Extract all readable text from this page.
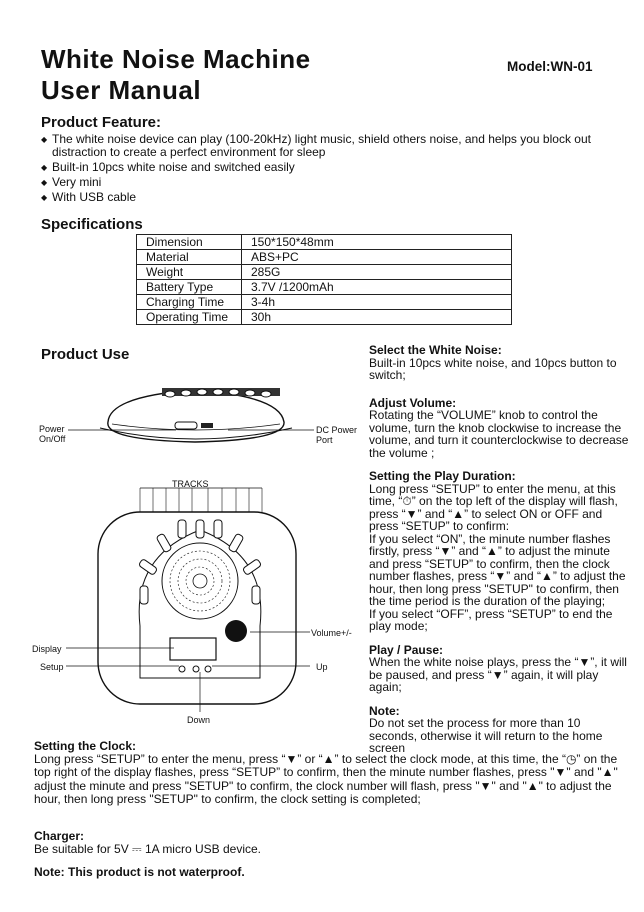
White Noise Machine
User Manual
Model:WN-01
Product Feature:
◆ The white noise device can play (100-20kHz) light music, shield others noise, and helps you block out distraction to create a perfect environment for sleep
◆ Built-in 10pcs white noise and switched easily
◆ Very mini
◆ With USB cable
Specifications
Dimension	150*150*48mm
Material	ABS+PC
Weight	285G
Battery Type	3.7V /1200mAh
Charging Time	3-4h
Operating Time	30h
Product Use
Power
On/Off
DC Power
Port
TRACKS
Display
Setup
Volume+/-
Up
Down
Select the White Noise:

Built-in 10pcs white noise, and 10pcs button to switch;

Adjust Volume:

Rotating the “VOLUME” knob to control the volume, turn the knob clockwise to increase the volume, and turn it counterclockwise to decrease the volume ;

Setting the Play Duration:

Long press “SETUP” to enter the menu, at this time, “⏱” on the top left of the display will flash, press “▼” and “▲” to select ON or OFF and press “SETUP” to confirm:
If you select “ON”, the minute number flashes firstly, press “▼” and “▲” to adjust the minute and press “SETUP” to confirm, then the clock number flashes, press “▼” and “▲” to adjust the hour, then long press "SETUP" to confirm, then the time period is the duration of the playing;
If you select “OFF”, press “SETUP” to end the play mode;

Play / Pause:

When the white noise plays, press the “▼”, it will be paused, and press “▼” again, it will play again;

Note:

Do not set the process for more than 10 seconds, otherwise it will return to the home screen

Setting the Clock:

Long press “SETUP” to enter the menu, press “▼” or “▲” to select the clock mode, at this time, the “◷” on the top right of the display flashes, press “SETUP” to confirm, then the minute number flashes, press "▼" and "▲" adjust the minute and press "SETUP" to confirm, the clock number will flash, press "▼" and "▲" to adjust the hour, then long press "SETUP" to confirm, the clock setting is completed;

Charger:

Be suitable for 5V ⎓ 1A micro USB device.

Note: This product is not waterproof.
